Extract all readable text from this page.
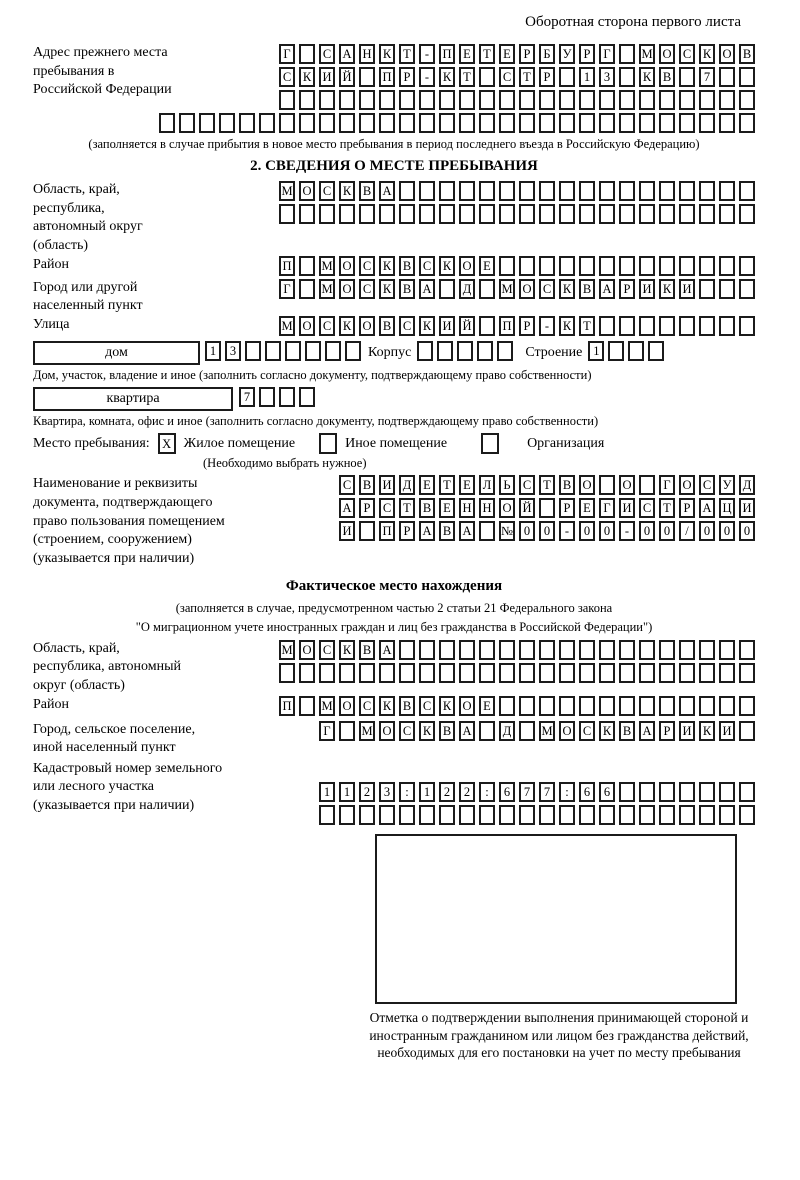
Оборотная сторона первого листа
Адрес прежнего места пребывания в Российской Федерации
Г	С А Н К Т	-	П Е Т Е	Р	Б У Р	Г	М О С К О В
С К И Й П Р	-	К Т	С Т	Р	1	3	К В	7
(заполняется в случае прибытия в новое место пребывания в период последнего въезда в Российскую Федерацию)
2. СВЕДЕНИЯ О МЕСТЕ ПРЕБЫВАНИЯ
Область, край, республика, автономный округ (область)
М О С К В А
Район	П М О С К В С К О Е
Город или другой населенный пункт
Г	М О С К В А Д М О С К В А Р И К И
Улица	М О С К О В С К И Й П Р	-	К Т
дом	1	3	Корпус	Строение 1
Дом, участок, владение и иное (заполнить согласно документу, подтверждающему право собственности)
квартира	7
Квартира, комната, офис и иное (заполнить согласно документу, подтверждающему право собственности)
Место пребывания: X Жилое помещение	Иное помещение	Организация
(Необходимо выбрать нужное)
Наименование и реквизиты документа, подтверждающего право пользования помещением (строением, сооружением) (указывается при наличии)
С В И Д Е Т Е Л Ь С Т В О О	Г О С У Д
А Р С Т В Е Н Н О Й	Р	Е	Г И С Т	Р А Ц И
И П Р А В А № 0	0	-	0	0	-	0	0	/	0	0	0
Фактическое место нахождения
(заполняется в случае, предусмотренном частью 2 статьи 21 Федерального закона
"О миграционном учете иностранных граждан и лиц без гражданства в Российской Федерации")
Область, край, республика, автономный округ (область)
М О С К В А
Район	П М О С К В С К О Е
Город, сельское поселение, иной населенный пункт
Г	М О С К В А Д М О С К В А Р И К И
Кадастровый номер земельного или лесного участка (указывается при наличии)
1	1	2	3	:	1	2	2	:	6	7	7	:	6	6
Отметка о подтверждении выполнения принимающей стороной и иностранным гражданином или лицом без гражданства действий, необходимых для его постановки на учет по месту пребывания
